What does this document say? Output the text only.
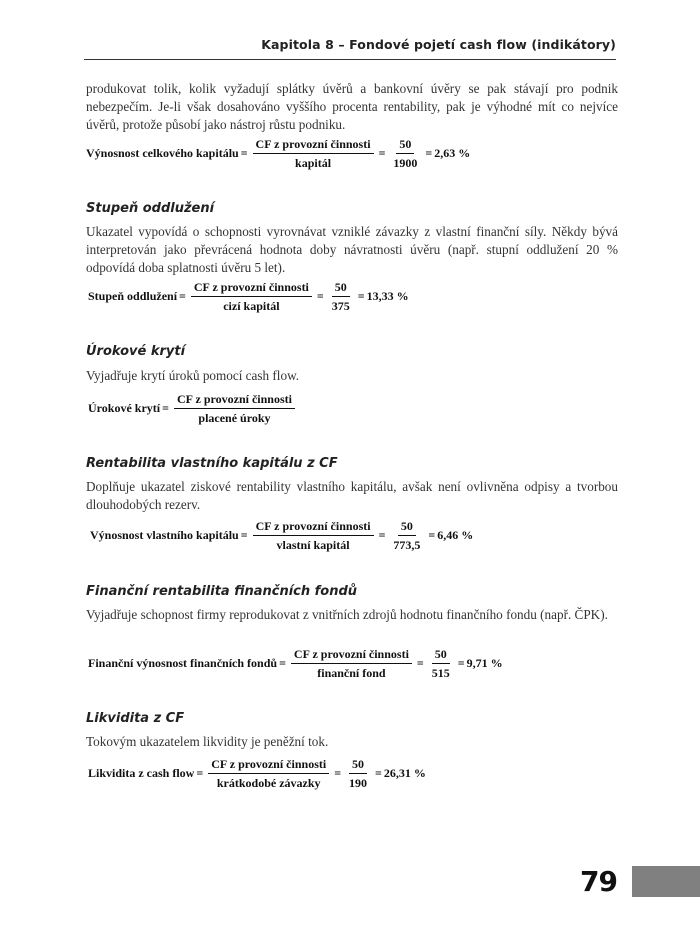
Kapitola 8 – Fondové pojetí cash flow (indikátory)

produkovat tolik, kolik vyžadují splátky úvěrů a bankovní úvěry se pak stávají pro podnik nebezpečím. Je-li však dosahováno vyššího procenta rentability, pak je výhodné mít co nejvíce úvěrů, protože působí jako nástroj růstu podniku.

Výnosnost celkového kapitálu = $\frac{\text{CF z provozní činnosti}}{\text{kapitál}} = \frac{50}{1900} = 2,63$ %
Stupeň oddlužení

Ukazatel vypovídá o schopnosti vyrovnávat vzniklé závazky z vlastní finanční síly. Někdy bývá interpretován jako převrácená hodnota doby návratnosti úvěru (např. stupní oddlužení 20 % odpovídá doba splatnosti úvěru 5 let).

Stupeň oddlužení = $\frac{\text{CF z provozní činnosti}}{\text{cizí kapitál}} = \frac{50}{375} = 13,33$ %
Úrokové krytí

Vyjadřuje krytí úroků pomocí cash flow.

Úrokové krytí = $\frac{\text{CF z provozní činnosti}}{\text{placené úroky}}$
Rentabilita vlastního kapitálu z CF

Doplňuje ukazatel ziskové rentability vlastního kapitálu, avšak není ovlivněna odpisy a tvorbou dlouhodobých rezerv.

Výnosnost vlastního kapitálu = $\frac{\text{CF z provozní činnosti}}{\text{vlastní kapitál}} = \frac{50}{773,5} = 6,46$ %
Finanční rentabilita finančních fondů

Vyjadřuje schopnost firmy reprodukovat z vnitřních zdrojů hodnotu finančního fondu (např. ČPK).

Finanční výnosnost finančních fondů = $\frac{\text{CF z provozní činnosti}}{\text{finanční fond}} = \frac{50}{515} = 9,71$ %
Likvidita z CF

Tokovým ukazatelem likvidity je peněžní tok.

Likvidita z cash flow = $\frac{\text{CF z provozní činnosti}}{\text{krátkodobé závazky}} = \frac{50}{190} = 26,31$ %
79
